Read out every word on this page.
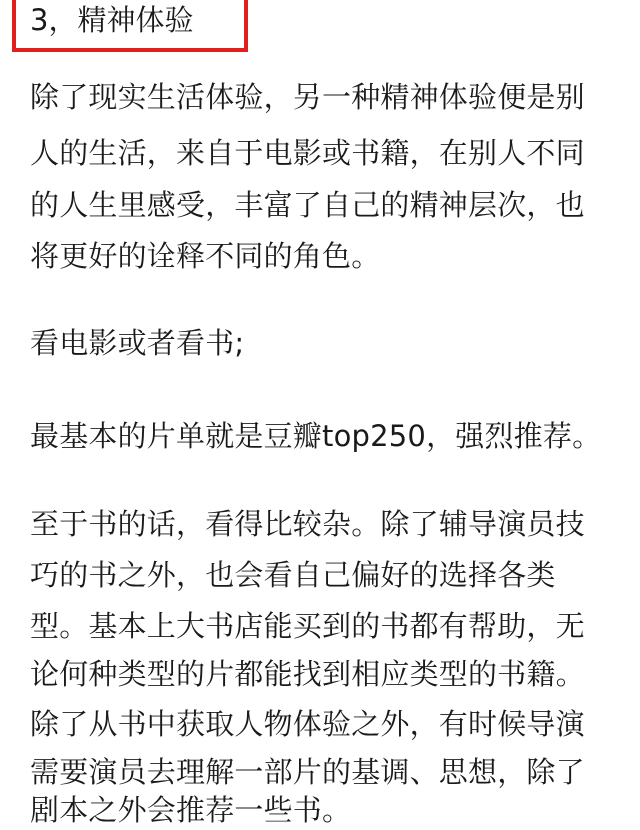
3，精神体验
除了现实生活体验，另一种精神体验便是别
人的生活，来自于电影或书籍，在别人不同
的人生里感受，丰富了自己的精神层次，也
将更好的诠释不同的角色。
看电影或者看书;
最基本的片单就是豆瓣top250，强烈推荐。
至于书的话，看得比较杂。除了辅导演员技
巧的书之外，也会看自己偏好的选择各类
型。基本上大书店能买到的书都有帮助，无
论何种类型的片都能找到相应类型的书籍。
除了从书中获取人物体验之外，有时候导演
需要演员去理解一部片的基调、思想，除了
剧本之外会推荐一些书。
